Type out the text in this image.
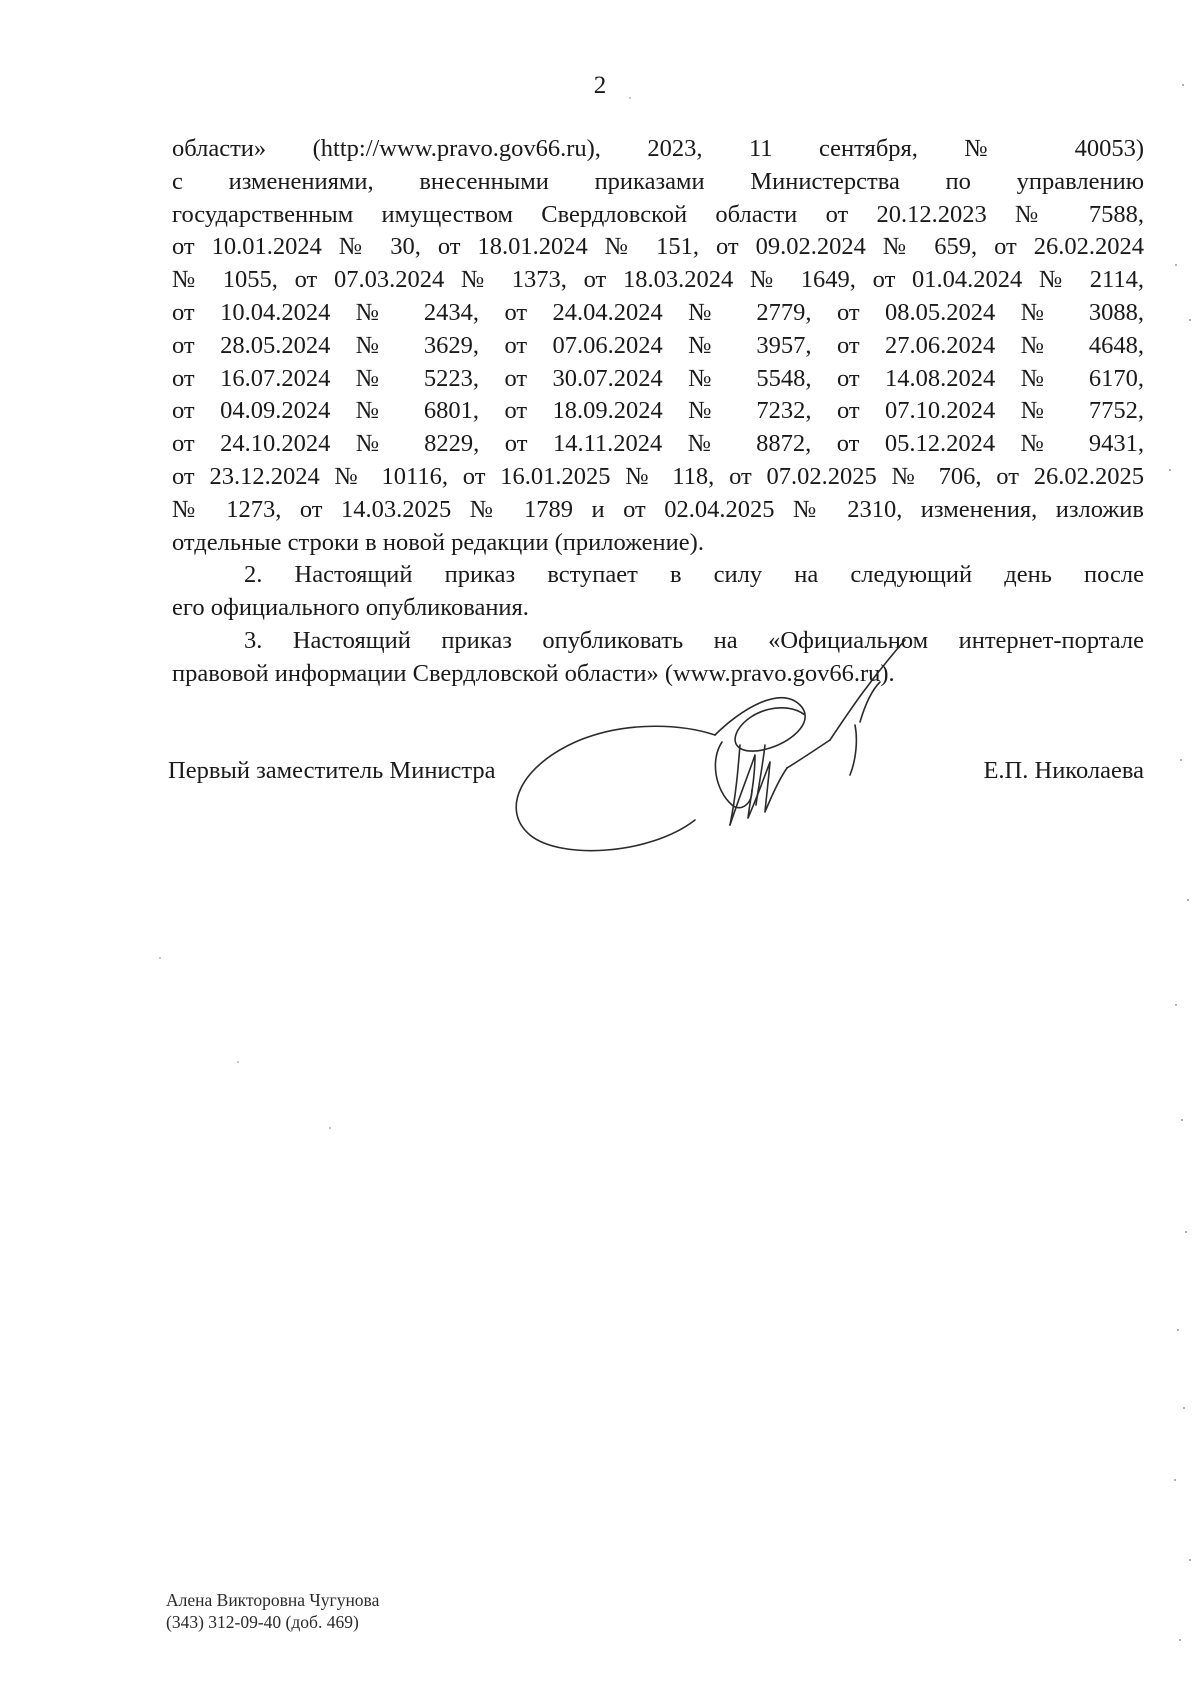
2
области» (http://www.pravo.gov66.ru), 2023, 11 сентября, № 40053)
с изменениями, внесенными приказами Министерства по управлению
государственным имуществом Свердловской области от 20.12.2023 № 7588,
от 10.01.2024 № 30, от 18.01.2024 № 151, от 09.02.2024 № 659, от 26.02.2024
№ 1055, от 07.03.2024 № 1373, от 18.03.2024 № 1649, от 01.04.2024 № 2114,
от 10.04.2024 № 2434, от 24.04.2024 № 2779, от 08.05.2024 № 3088,
от 28.05.2024 № 3629, от 07.06.2024 № 3957, от 27.06.2024 № 4648,
от 16.07.2024 № 5223, от 30.07.2024 № 5548, от 14.08.2024 № 6170,
от 04.09.2024 № 6801, от 18.09.2024 № 7232, от 07.10.2024 № 7752,
от 24.10.2024 № 8229, от 14.11.2024 № 8872, от 05.12.2024 № 9431,
от 23.12.2024 № 10116, от 16.01.2025 № 118, от 07.02.2025 № 706, от 26.02.2025
№ 1273, от 14.03.2025 № 1789 и от 02.04.2025 № 2310, изменения, изложив
отдельные строки в новой редакции (приложение).
2. Настоящий приказ вступает в силу на следующий день после
его официального опубликования.
3. Настоящий приказ опубликовать на «Официальном интернет-портале
правовой информации Свердловской области» (www.pravo.gov66.ru).
Первый заместитель Министра	Е.П. Николаева
Алена Викторовна Чугунова
(343) 312-09-40 (доб. 469)
